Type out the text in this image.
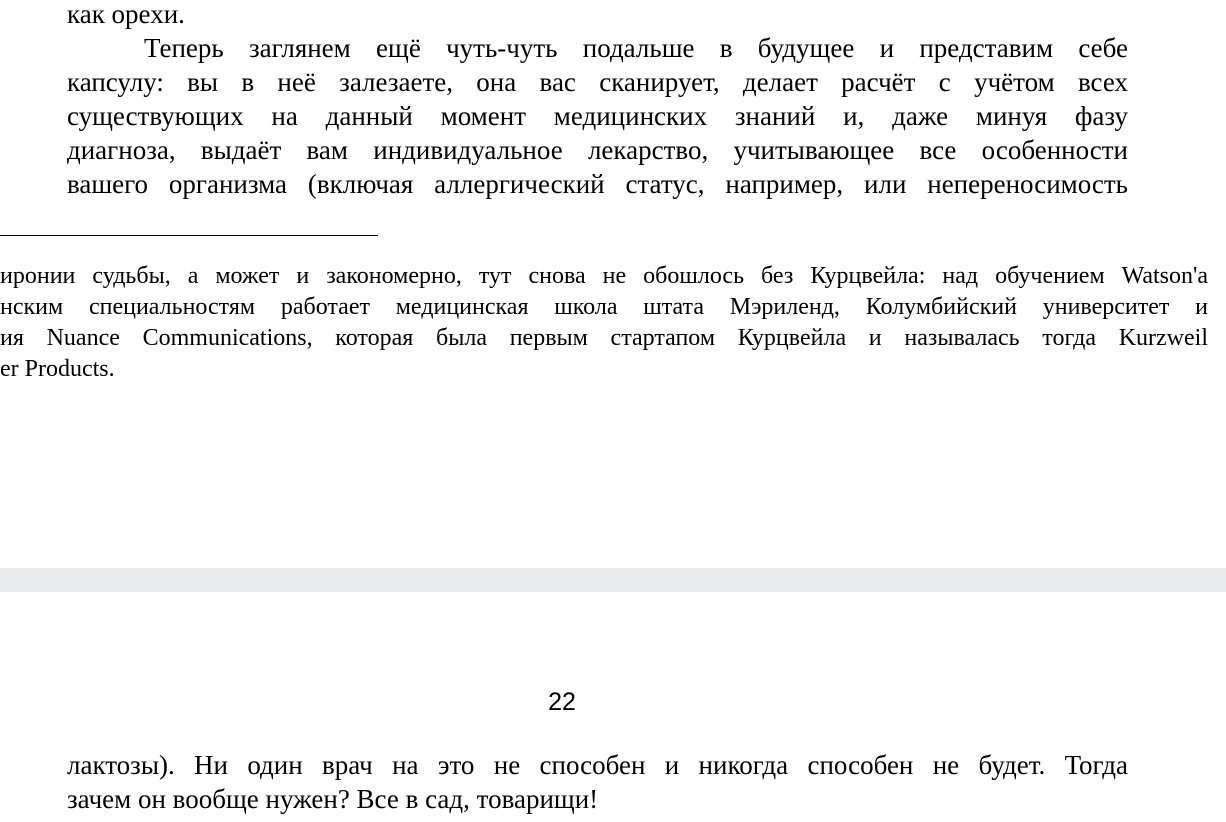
как орехи.
Теперь заглянем ещё чуть-чуть подальше в будущее и представим себе
капсулу: вы в неё залезаете, она вас сканирует, делает расчёт с учётом всех
существующих на данный момент медицинских знаний и, даже минуя фазу
диагноза, выдаёт вам индивидуальное лекарство, учитывающее все особенности
вашего организма (включая аллергический статус, например, или непереносимость
иронии судьбы, а может и закономерно, тут снова не обошлось без Курцвейла: над обучением Watson'а
нским специальностям работает медицинская школа штата Мэриленд, Колумбийский университет и
ия Nuance Communications, которая была первым стартапом Курцвейла и называлась тогда Kurzweil
er Products.
22
лактозы). Ни один врач на это не способен и никогда способен не будет. Тогда
зачем он вообще нужен? Все в сад, товарищи!
